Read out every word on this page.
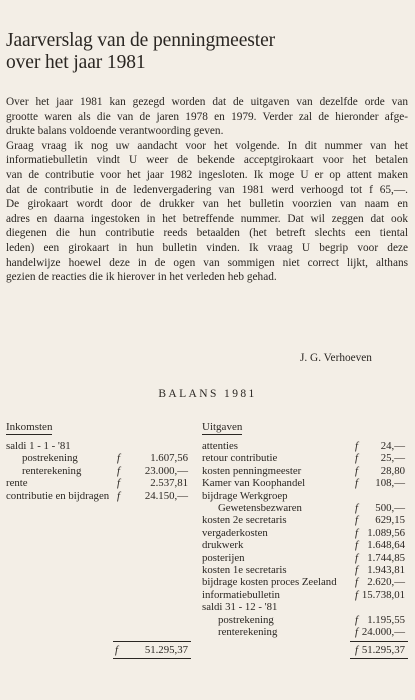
Jaarverslag van de penningmeester
over het jaar 1981
Over het jaar 1981 kan gezegd worden dat de uitgaven van dezelfde orde van
grootte waren als die van de jaren 1978 en 1979. Verder zal de hieronder afge-
drukte balans voldoende verantwoording geven.
Graag vraag ik nog uw aandacht voor het volgende. In dit nummer van het
informatiebulletin vindt U weer de bekende acceptgirokaart voor het betalen
van de contributie voor het jaar 1982 ingesloten. Ik moge U er op attent maken
dat de contributie in de ledenvergadering van 1981 werd verhoogd tot f 65,—.
De girokaart wordt door de drukker van het bulletin voorzien van naam en
adres en daarna ingestoken in het betreffende nummer. Dat wil zeggen dat ook
diegenen die hun contributie reeds betaalden (het betreft slechts een tiental
leden) een girokaart in hun bulletin vinden. Ik vraag U begrip voor deze
handelwijze hoewel deze in de ogen van sommigen niet correct lijkt, althans
gezien de reacties die ik hierover in het verleden heb gehad.
J. G. Verhoeven
BALANS 1981
Inkomsten	Uitgaven
saldi 1 - 1 - '81
postrekening	f	1.607,56
renterekening	f 23.000,—
rente	f	2.537,81
contributie en bijdragen f 24.150,—
attenties	f 24,—
retour contributie	f 25,—
kosten penningmeester	f 28,80
Kamer van Koophandel	f 108,—
bijdrage Werkgroep
Gewetensbezwaren	f 500,—
kosten 2e secretaris	f 629,15
vergaderkosten	f 1.089,56
drukwerk	f 1.648,64
posterijen	f 1.744,85
kosten 1e secretaris	f 1.943,81
bijdrage kosten proces Zeeland f 2.620,—
informatiebulletin	f 15.738,01
saldi 31 - 12 - '81
postrekening	f 1.195,55
renterekening	f 24.000,—
f 51.295,37	f 51.295,37
